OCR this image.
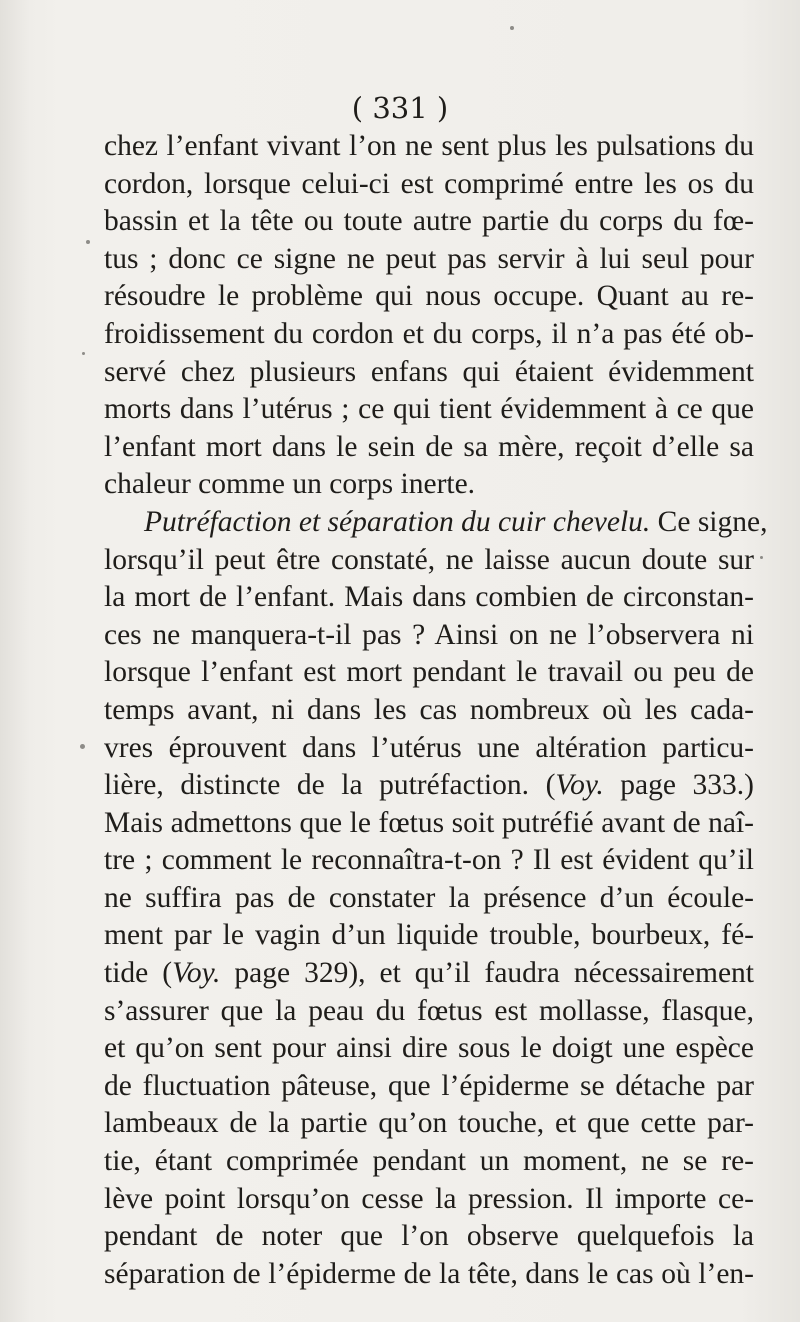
( 331 )
chez l’enfant vivant l’on ne sent plus les pulsations du
cordon, lorsque celui-ci est comprimé entre les os du
bassin et la tête ou toute autre partie du corps du fœ-
tus ; donc ce signe ne peut pas servir à lui seul pour
résoudre le problème qui nous occupe. Quant au re-
froidissement du cordon et du corps, il n’a pas été ob-
servé chez plusieurs enfans qui étaient évidemment
morts dans l’utérus ; ce qui tient évidemment à ce que
l’enfant mort dans le sein de sa mère, reçoit d’elle sa
chaleur comme un corps inerte.
Putréfaction et séparation du cuir chevelu. Ce signe,
lorsqu’il peut être constaté, ne laisse aucun doute sur
la mort de l’enfant. Mais dans combien de circonstan-
ces ne manquera-t-il pas ? Ainsi on ne l’observera ni
lorsque l’enfant est mort pendant le travail ou peu de
temps avant, ni dans les cas nombreux où les cada-
vres éprouvent dans l’utérus une altération particu-
lière, distincte de la putréfaction. (Voy. page 333.)
Mais admettons que le fœtus soit putréfié avant de naî-
tre ; comment le reconnaîtra-t-on ? Il est évident qu’il
ne suffira pas de constater la présence d’un écoule-
ment par le vagin d’un liquide trouble, bourbeux, fé-
tide (Voy. page 329), et qu’il faudra nécessairement
s’assurer que la peau du fœtus est mollasse, flasque,
et qu’on sent pour ainsi dire sous le doigt une espèce
de fluctuation pâteuse, que l’épiderme se détache par
lambeaux de la partie qu’on touche, et que cette par-
tie, étant comprimée pendant un moment, ne se re-
lève point lorsqu’on cesse la pression. Il importe ce-
pendant de noter que l’on observe quelquefois la
séparation de l’épiderme de la tête, dans le cas où l’en-
